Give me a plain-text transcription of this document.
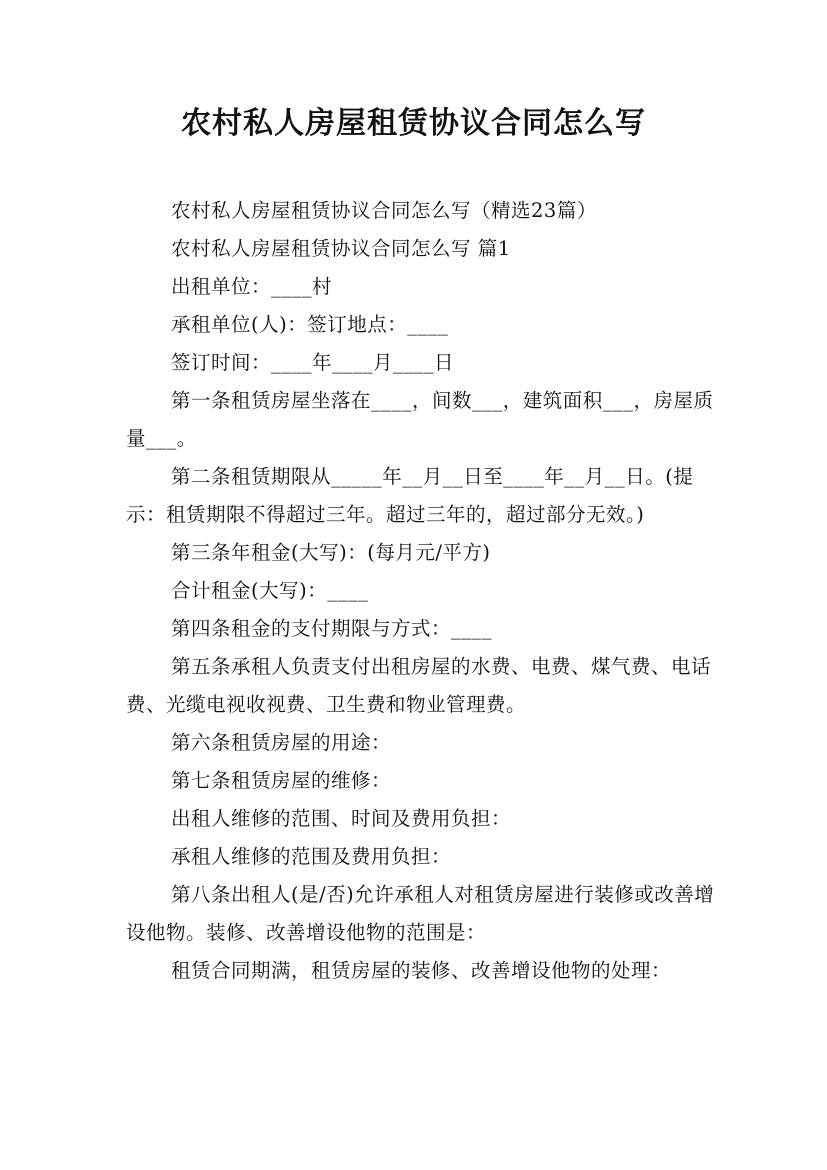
农村私人房屋租赁协议合同怎么写

农村私人房屋租赁协议合同怎么写（精选23篇）

农村私人房屋租赁协议合同怎么写 篇1

出租单位：____村

承租单位(人)：签订地点：____

签订时间：____年____月____日

第一条租赁房屋坐落在____，间数___，建筑面积___，房屋质量___。

第二条租赁期限从_____年__月__日至____年__月__日。(提示：租赁期限不得超过三年。超过三年的，超过部分无效。)

第三条年租金(大写)：(每月元/平方)

合计租金(大写)：____

第四条租金的支付期限与方式：____

第五条承租人负责支付出租房屋的水费、电费、煤气费、电话费、光缆电视收视费、卫生费和物业管理费。

第六条租赁房屋的用途：

第七条租赁房屋的维修：

出租人维修的范围、时间及费用负担：

承租人维修的范围及费用负担：

第八条出租人(是/否)允许承租人对租赁房屋进行装修或改善增设他物。装修、改善增设他物的范围是：

租赁合同期满，租赁房屋的装修、改善增设他物的处理：
